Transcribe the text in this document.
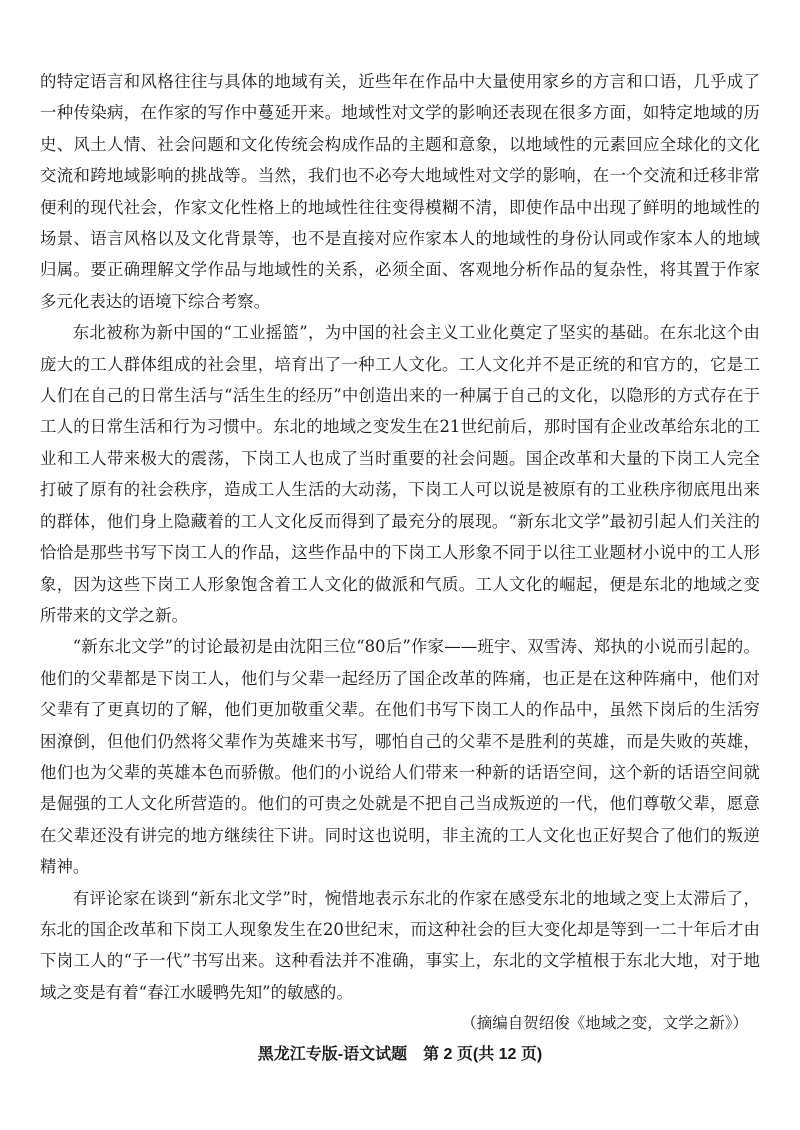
的特定语言和风格往往与具体的地域有关，近些年在作品中大量使用家乡的方言和口语，几乎成了一种传染病，在作家的写作中蔓延开来。地域性对文学的影响还表现在很多方面，如特定地域的历史、风土人情、社会问题和文化传统会构成作品的主题和意象，以地域性的元素回应全球化的文化交流和跨地域影响的挑战等。当然，我们也不必夸大地域性对文学的影响，在一个交流和迁移非常便利的现代社会，作家文化性格上的地域性往往变得模糊不清，即使作品中出现了鲜明的地域性的场景、语言风格以及文化背景等，也不是直接对应作家本人的地域性的身份认同或作家本人的地域归属。要正确理解文学作品与地域性的关系，必须全面、客观地分析作品的复杂性，将其置于作家多元化表达的语境下综合考察。

东北被称为新中国的“工业摇篮”，为中国的社会主义工业化奠定了坚实的基础。在东北这个由庞大的工人群体组成的社会里，培育出了一种工人文化。工人文化并不是正统的和官方的，它是工人们在自己的日常生活与“活生生的经历”中创造出来的一种属于自己的文化，以隐形的方式存在于工人的日常生活和行为习惯中。东北的地域之变发生在21世纪前后，那时国有企业改革给东北的工业和工人带来极大的震荡，下岗工人也成了当时重要的社会问题。国企改革和大量的下岗工人完全打破了原有的社会秩序，造成工人生活的大动荡，下岗工人可以说是被原有的工业秩序彻底甩出来的群体，他们身上隐藏着的工人文化反而得到了最充分的展现。“新东北文学”最初引起人们关注的恰恰是那些书写下岗工人的作品，这些作品中的下岗工人形象不同于以往工业题材小说中的工人形象，因为这些下岗工人形象饱含着工人文化的做派和气质。工人文化的崛起，便是东北的地域之变所带来的文学之新。

“新东北文学”的讨论最初是由沈阳三位“80后”作家——班宇、双雪涛、郑执的小说而引起的。他们的父辈都是下岗工人，他们与父辈一起经历了国企改革的阵痛，也正是在这种阵痛中，他们对父辈有了更真切的了解，他们更加敬重父辈。在他们书写下岗工人的作品中，虽然下岗后的生活穷困潦倒，但他们仍然将父辈作为英雄来书写，哪怕自己的父辈不是胜利的英雄，而是失败的英雄，他们也为父辈的英雄本色而骄傲。他们的小说给人们带来一种新的话语空间，这个新的话语空间就是倔强的工人文化所营造的。他们的可贵之处就是不把自己当成叛逆的一代，他们尊敬父辈，愿意在父辈还没有讲完的地方继续往下讲。同时这也说明，非主流的工人文化也正好契合了他们的叛逆精神。

有评论家在谈到“新东北文学”时，惋惜地表示东北的作家在感受东北的地域之变上太滞后了，东北的国企改革和下岗工人现象发生在20世纪末，而这种社会的巨大变化却是等到一二十年后才由下岗工人的“子一代”书写出来。这种看法并不准确，事实上，东北的文学植根于东北大地，对于地域之变是有着“春江水暖鸭先知”的敏感的。

（摘编自贺绍俊《地域之变，文学之新》）
黑龙江专版-语文试题　第 2 页(共 12 页)
